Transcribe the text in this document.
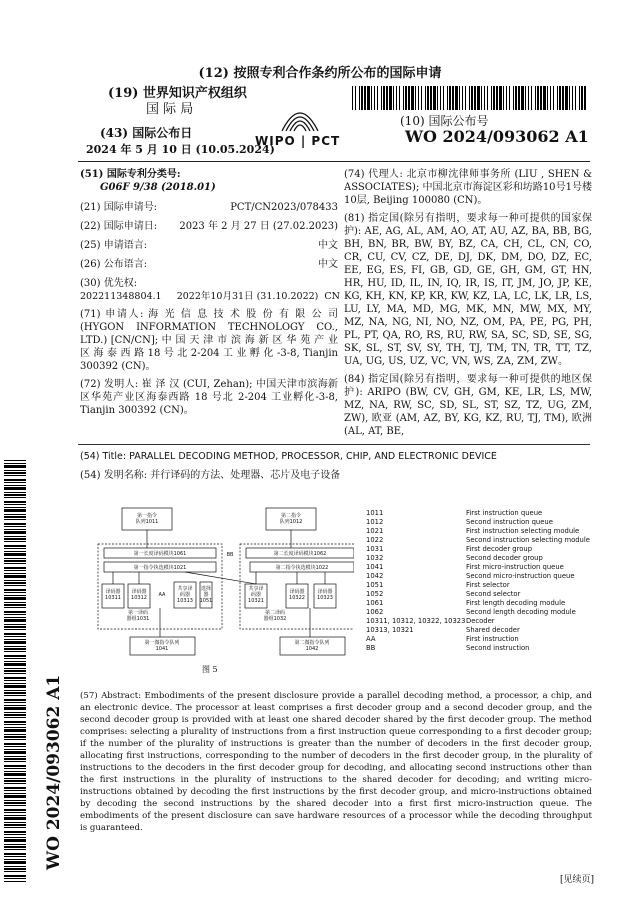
(12) 按照专利合作条约所公布的国际申请
(19) 世界知识产权组织
国 际 局
(43) 国际公布日
2024 年 5 月 10 日 (10.05.2024)
WIPO | PCT
(10) 国际公布号
WO 2024/093062 A1
(51) 国际专利分类号:
G06F 9/38 (2018.01)
(21) 国际申请号:	PCT/CN2023/078433
(22) 国际申请日: 2023 年 2 月 27 日 (27.02.2023)
(25) 申请语言:	中文
(26) 公布语言:	中文
(30) 优先权:
202211348804.1     2022年10月31日 (31.10.2022)  CN
(71) 申请人: 海 光 信 息 技 术 股 份 有 限 公 司 (HYGON INFORMATION TECHNOLOGY CO., LTD.) [CN/CN]; 中 国 天 津 市 滨 海 新 区 华 苑 产 业 区 海 泰 西 路 18 号 北 2-204 工 业 孵 化 -3-8, Tianjin 300392 (CN)。
(72) 发明人: 崔 泽 汉 (CUI, Zehan); 中国天津市滨海新区华苑产业区海泰西路 18 号北 2-204 工业孵化-3-8, Tianjin 300392 (CN)。
(74) 代理人: 北京市柳沈律师事务所 (LIU , SHEN & ASSOCIATES); 中国北京市海淀区彩和坊路10号1号楼10层, Beijing 100080 (CN)。
(81) 指定国(除另有指明，要求每一种可提供的国家保护): AE, AG, AL, AM, AO, AT, AU, AZ, BA, BB, BG, BH, BN, BR, BW, BY, BZ, CA, CH, CL, CN, CO, CR, CU, CV, CZ, DE, DJ, DK, DM, DO, DZ, EC, EE, EG, ES, FI, GB, GD, GE, GH, GM, GT, HN, HR, HU, ID, IL, IN, IQ, IR, IS, IT, JM, JO, JP, KE, KG, KH, KN, KP, KR, KW, KZ, LA, LC, LK, LR, LS, LU, LY, MA, MD, MG, MK, MN, MW, MX, MY, MZ, NA, NG, NI, NO, NZ, OM, PA, PE, PG, PH, PL, PT, QA, RO, RS, RU, RW, SA, SC, SD, SE, SG, SK, SL, ST, SV, SY, TH, TJ, TM, TN, TR, TT, TZ, UA, UG, US, UZ, VC, VN, WS, ZA, ZM, ZW。
(84) 指定国(除另有指明，要求每一种可提供的地区保护): ARIPO (BW, CV, GH, GM, KE, LR, LS, MW, MZ, NA, RW, SC, SD, SL, ST, SZ, TZ, UG, ZM, ZW), 欧亚 (AM, AZ, BY, KG, KZ, RU, TJ, TM), 欧洲 (AL, AT, BE,
(54) Title: PARALLEL DECODING METHOD, PROCESSOR, CHIP, AND ELECTRONIC DEVICE
(54) 发明名称: 并行译码的方法、处理器、芯片及电子设备
第一指令队列1011
第二指令队列1012
第一长度译码模块1061	第二长度译码模块1062
第一指令执选模块1021	第二指令执选模块1022
BB
AA
译码器 10311
译码器 10312
共享译码器 10313
选择器 1051
共享译码器 10321
译码器 10322
译码器 10323
第一译码器组1031
第二译码器组1032
第一微指令队列 1041
第二微指令队列 1042
1011	First instruction queue
1012	Second instruction queue
1021	First instruction selecting module
1022	Second instruction selecting module
1031	First decoder group
1032	Second decoder group
1041	First micro-instruction queue
1042	Second micro-instruction queue
1051	First selector
1052	Second selector
1061	First length decoding module
1062	Second length decoding module
10311, 10312, 10322, 10323 Decoder
10313, 10321	Shared decoder
AA	First instruction
BB	Second instruction
图 5
(57) Abstract: Embodiments of the present disclosure provide a parallel decoding method, a processor, a chip, and an electronic device. The processor at least comprises a first decoder group and a second decoder group, and the second decoder group is provided with at least one shared decoder shared by the first decoder group. The method comprises: selecting a plurality of instructions from a first instruction queue corresponding to a first decoder group; if the number of the plurality of instructions is greater than the number of decoders in the first decoder group, allocating first instructions, corresponding to the number of decoders in the first decoder group, in the plurality of instructions to the decoders in the first decoder group for decoding, and allocating second instructions other than the first instructions in the plurality of instructions to the shared decoder for decoding; and writing micro-instructions obtained by decoding the first instructions by the first decoder group, and micro-instructions obtained by decoding the second instructions by the shared decoder into a first first micro-instruction queue. The embodiments of the present disclosure can save hardware resources of a processor while the decoding throughput is guaranteed.
[见续页]
WO 2024/093062 A1
